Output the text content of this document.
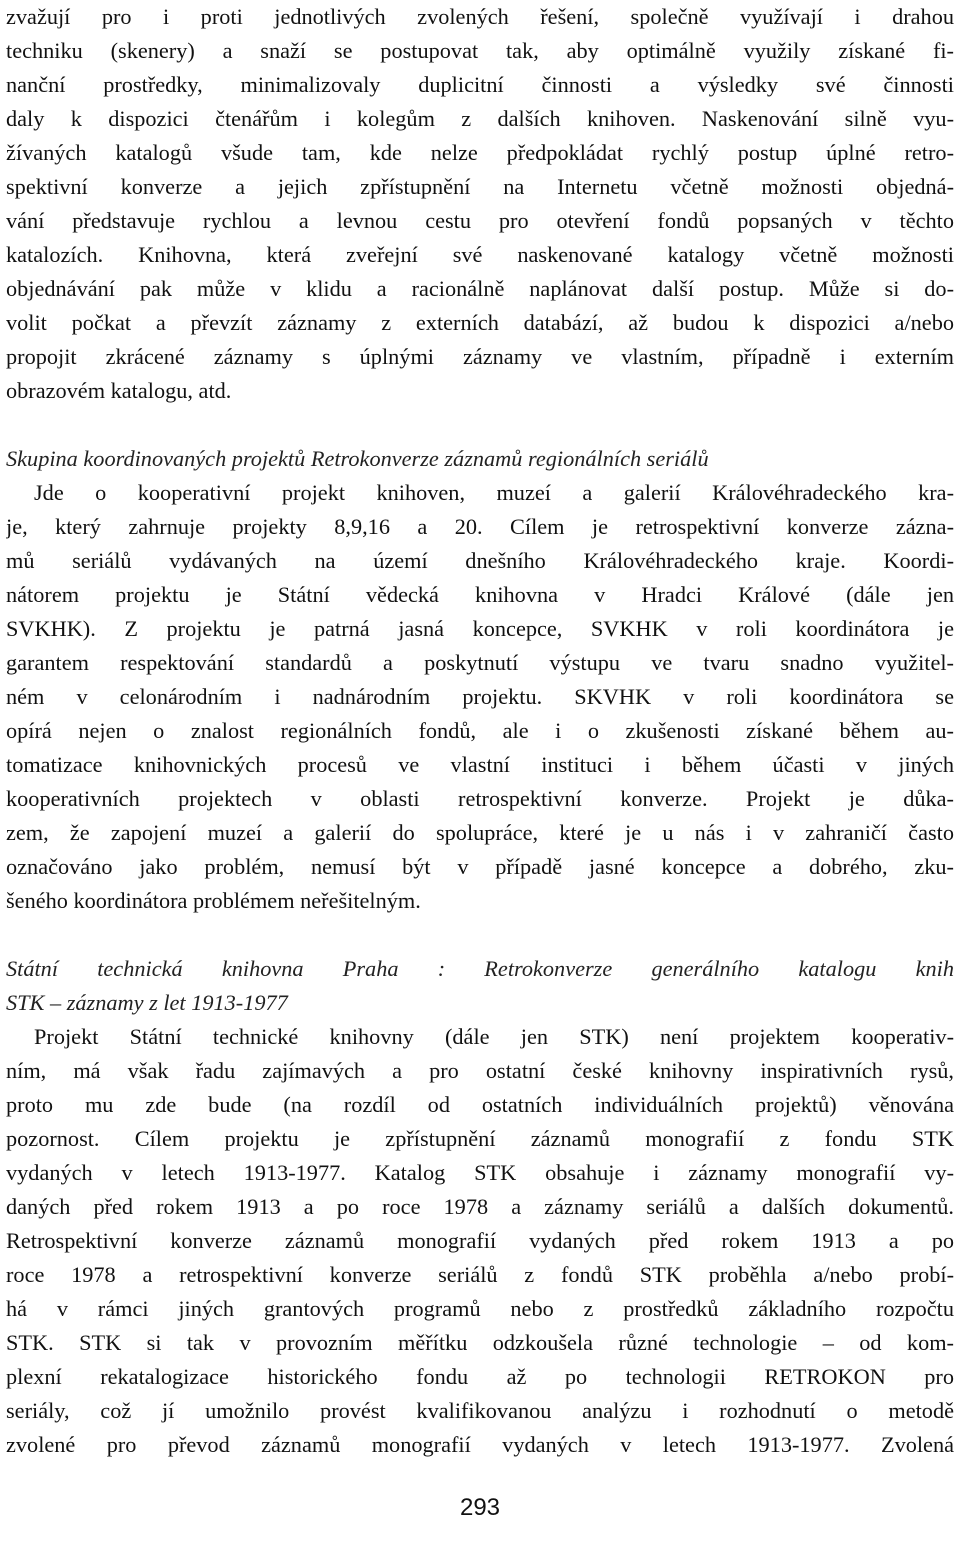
zvažují pro i proti jednotlivých zvolených řešení, společně využívají i drahou
techniku (skenery) a snaží se postupovat tak, aby optimálně využily získané fi-
nanční prostředky, minimalizovaly duplicitní činnosti a výsledky své činnosti
daly k dispozici čtenářům i kolegům z dalších knihoven. Naskenování silně vyu-
žívaných katalogů všude tam, kde nelze předpokládat rychlý postup úplné retro-
spektivní konverze a jejich zpřístupnění na Internetu včetně možnosti objedná-
vání představuje rychlou a levnou cestu pro otevření fondů popsaných v těchto
katalozích. Knihovna, která zveřejní své naskenované katalogy včetně možnosti
objednávání pak může v klidu a racionálně naplánovat další postup. Může si do-
volit počkat a převzít záznamy z externích databází, až budou k dispozici a/nebo
propojit zkrácené záznamy s úplnými záznamy ve vlastním, případně i externím
obrazovém katalogu, atd.
Skupina koordinovaných projektů Retrokonverze záznamů regionálních seriálů
Jde o kooperativní projekt knihoven, muzeí a galerií Královéhradeckého kra-
je, který zahrnuje projekty 8,9,16 a 20. Cílem je retrospektivní konverze zázna-
mů seriálů vydávaných na území dnešního Královéhradeckého kraje. Koordi-
nátorem projektu je Státní vědecká knihovna v Hradci Králové (dále jen
SVKHK). Z projektu je patrná jasná koncepce, SVKHK v roli koordinátora je
garantem respektování standardů a poskytnutí výstupu ve tvaru snadno využitel-
ném v celonárodním i nadnárodním projektu. SKVHK v roli koordinátora se
opírá nejen o znalost regionálních fondů, ale i o zkušenosti získané během au-
tomatizace knihovnických procesů ve vlastní instituci i během účasti v jiných
kooperativních projektech v oblasti retrospektivní konverze. Projekt je důka-
zem, že zapojení muzeí a galerií do spolupráce, které je u nás i v zahraničí často
označováno jako problém, nemusí být v případě jasné koncepce a dobrého, zku-
šeného koordinátora problémem neřešitelným.
Státní technická knihovna Praha : Retrokonverze generálního katalogu knih
STK – záznamy z let 1913-1977
Projekt Státní technické knihovny (dále jen STK) není projektem kooperativ-
ním, má však řadu zajímavých a pro ostatní české knihovny inspirativních rysů,
proto mu zde bude (na rozdíl od ostatních individuálních projektů) věnována
pozornost. Cílem projektu je zpřístupnění záznamů monografií z fondu STK
vydaných v letech 1913-1977. Katalog STK obsahuje i záznamy monografií vy-
daných před rokem 1913 a po roce 1978 a záznamy seriálů a dalších dokumentů.
Retrospektivní konverze záznamů monografií vydaných před rokem 1913 a po
roce 1978 a retrospektivní konverze seriálů z fondů STK proběhla a/nebo probí-
há v rámci jiných grantových programů nebo z prostředků základního rozpočtu
STK. STK si tak v provozním měřítku odzkoušela různé technologie – od kom-
plexní rekatalogizace historického fondu až po technologii RETROKON pro
seriály, což jí umožnilo provést kvalifikovanou analýzu i rozhodnutí o metodě
zvolené pro převod záznamů monografií vydaných v letech 1913-1977. Zvolená
293
